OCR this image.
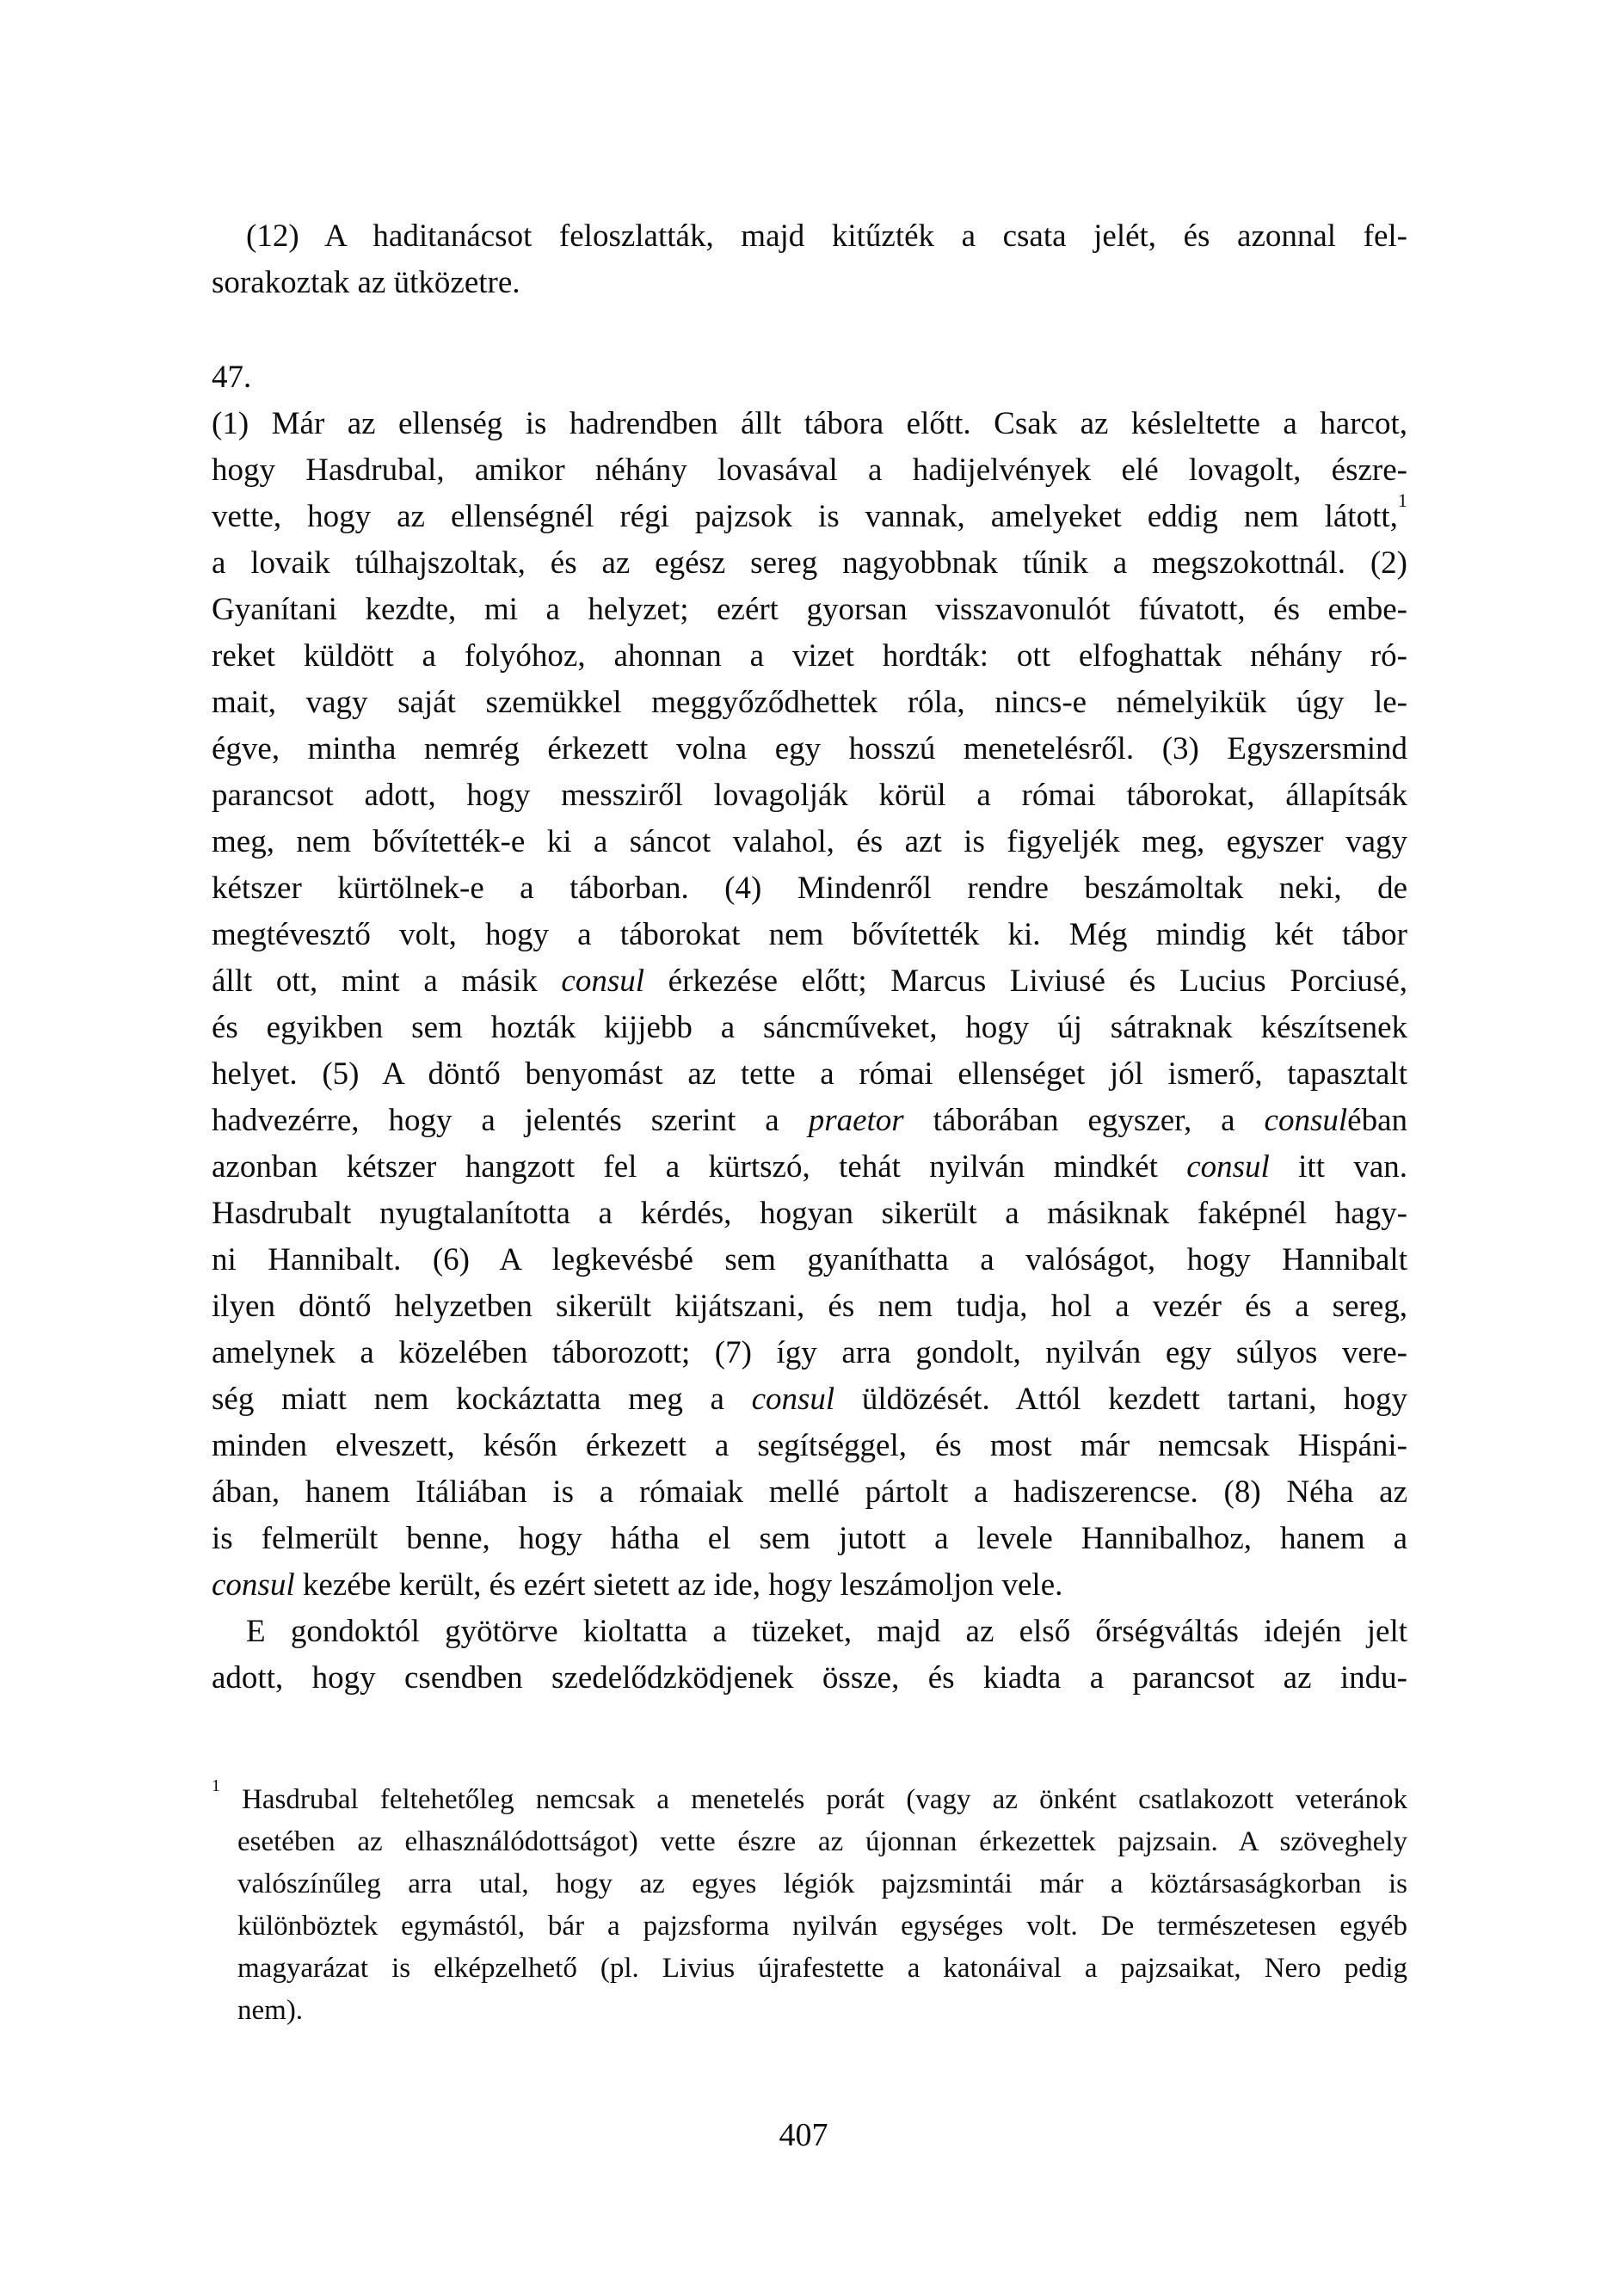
(12) A haditanácsot feloszlatták, majd kitűzték a csata jelét, és azonnal fel-
sorakoztak az ütközetre.
47.
(1) Már az ellenség is hadrendben állt tábora előtt. Csak az késleltette a harcot,
hogy Hasdrubal, amikor néhány lovasával a hadijelvények elé lovagolt, észre-
vette, hogy az ellenségnél régi pajzsok is vannak, amelyeket eddig nem látott,$^1$
a lovaik túlhajszoltak, és az egész sereg nagyobbnak tűnik a megszokottnál. (2)
Gyanítani kezdte, mi a helyzet; ezért gyorsan visszavonulót fúvatott, és embe-
reket küldött a folyóhoz, ahonnan a vizet hordták: ott elfoghattak néhány ró-
mait, vagy saját szemükkel meggyőződhettek róla, nincs-e némelyikük úgy le-
égve, mintha nemrég érkezett volna egy hosszú menetelésről. (3) Egyszersmind
parancsot adott, hogy messziről lovagolják körül a római táborokat, állapítsák
meg, nem bővítették-e ki a sáncot valahol, és azt is figyeljék meg, egyszer vagy
kétszer kürtölnek-e a táborban. (4) Mindenről rendre beszámoltak neki, de
megtévesztő volt, hogy a táborokat nem bővítették ki. Még mindig két tábor
állt ott, mint a másik consul érkezése előtt; Marcus Liviusé és Lucius Porciusé,
és egyikben sem hozták kijjebb a sáncműveket, hogy új sátraknak készítsenek
helyet. (5) A döntő benyomást az tette a római ellenséget jól ismerő, tapasztalt
hadvezérre, hogy a jelentés szerint a praetor táborában egyszer, a consuléban
azonban kétszer hangzott fel a kürtszó, tehát nyilván mindkét consul itt van.
Hasdrubalt nyugtalanította a kérdés, hogyan sikerült a másiknak faképnél hagy-
ni Hannibalt. (6) A legkevésbé sem gyaníthatta a valóságot, hogy Hannibalt
ilyen döntő helyzetben sikerült kijátszani, és nem tudja, hol a vezér és a sereg,
amelynek a közelében táborozott; (7) így arra gondolt, nyilván egy súlyos vere-
ség miatt nem kockáztatta meg a consul üldözését. Attól kezdett tartani, hogy
minden elveszett, későn érkezett a segítséggel, és most már nemcsak Hispáni-
ában, hanem Itáliában is a rómaiak mellé pártolt a hadiszerencse. (8) Néha az
is felmerült benne, hogy hátha el sem jutott a levele Hannibalhoz, hanem a
consul kezébe került, és ezért sietett az ide, hogy leszámoljon vele.
E gondoktól gyötörve kioltatta a tüzeket, majd az első őrségváltás idején jelt
adott, hogy csendben szedelődzködjenek össze, és kiadta a parancsot az indu-
$^1$ Hasdrubal feltehetőleg nemcsak a menetelés porát (vagy az önként csatlakozott veteránok
esetében az elhasználódottságot) vette észre az újonnan érkezettek pajzsain. A szöveghely
valószínűleg arra utal, hogy az egyes légiók pajzsmintái már a köztársaságkorban is
különböztek egymástól, bár a pajzsforma nyilván egységes volt. De természetesen egyéb
magyarázat is elképzelhető (pl. Livius újrafestette a katonáival a pajzsaikat, Nero pedig
nem).
407
